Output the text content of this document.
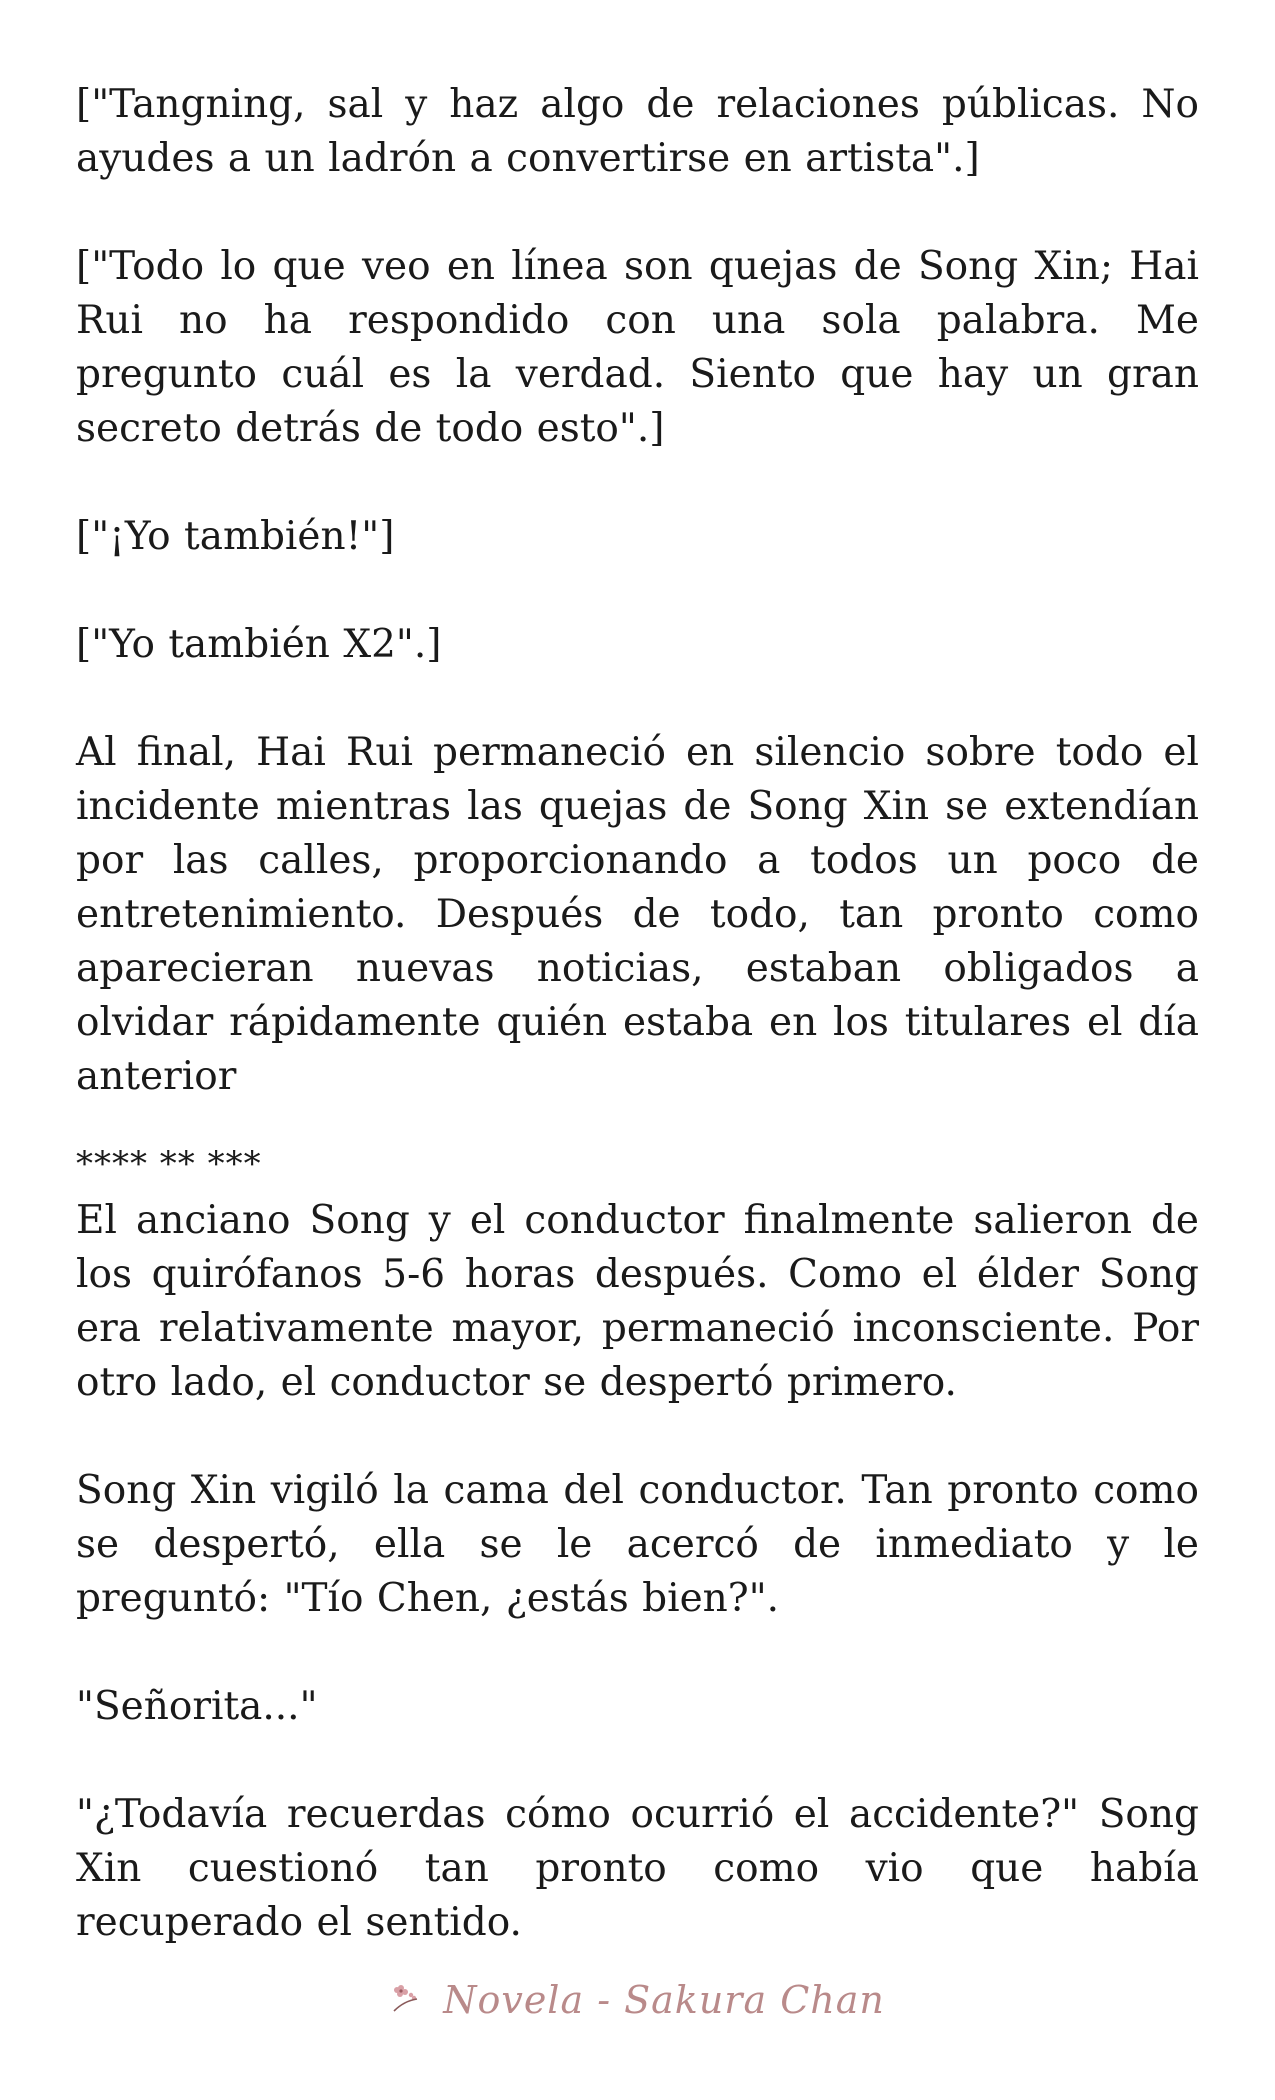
["Tangning, sal y haz algo de relaciones públicas. No ayudes a un ladrón a convertirse en artista".]

["Todo lo que veo en línea son quejas de Song Xin; Hai Rui no ha respondido con una sola palabra. Me pregunto cuál es la verdad. Siento que hay un gran secreto detrás de todo esto".]

["¡Yo también!"]

["Yo también X2".]

Al final, Hai Rui permaneció en silencio sobre todo el incidente mientras las quejas de Song Xin se extendían por las calles, proporcionando a todos un poco de entretenimiento. Después de todo, tan pronto como aparecieran nuevas noticias, estaban obligados a olvidar rápidamente quién estaba en los titulares el día anterior

**** ** ***

El anciano Song y el conductor finalmente salieron de los quirófanos 5-6 horas después. Como el élder Song era relativamente mayor, permaneció inconsciente. Por otro lado, el conductor se despertó primero.

Song Xin vigiló la cama del conductor. Tan pronto como se despertó, ella se le acercó de inmediato y le preguntó: "Tío Chen, ¿estás bien?".

"Señorita..."

"¿Todavía recuerdas cómo ocurrió el accidente?" Song Xin cuestionó tan pronto como vio que había recuperado el sentido.

Novela - Sakura Chan
